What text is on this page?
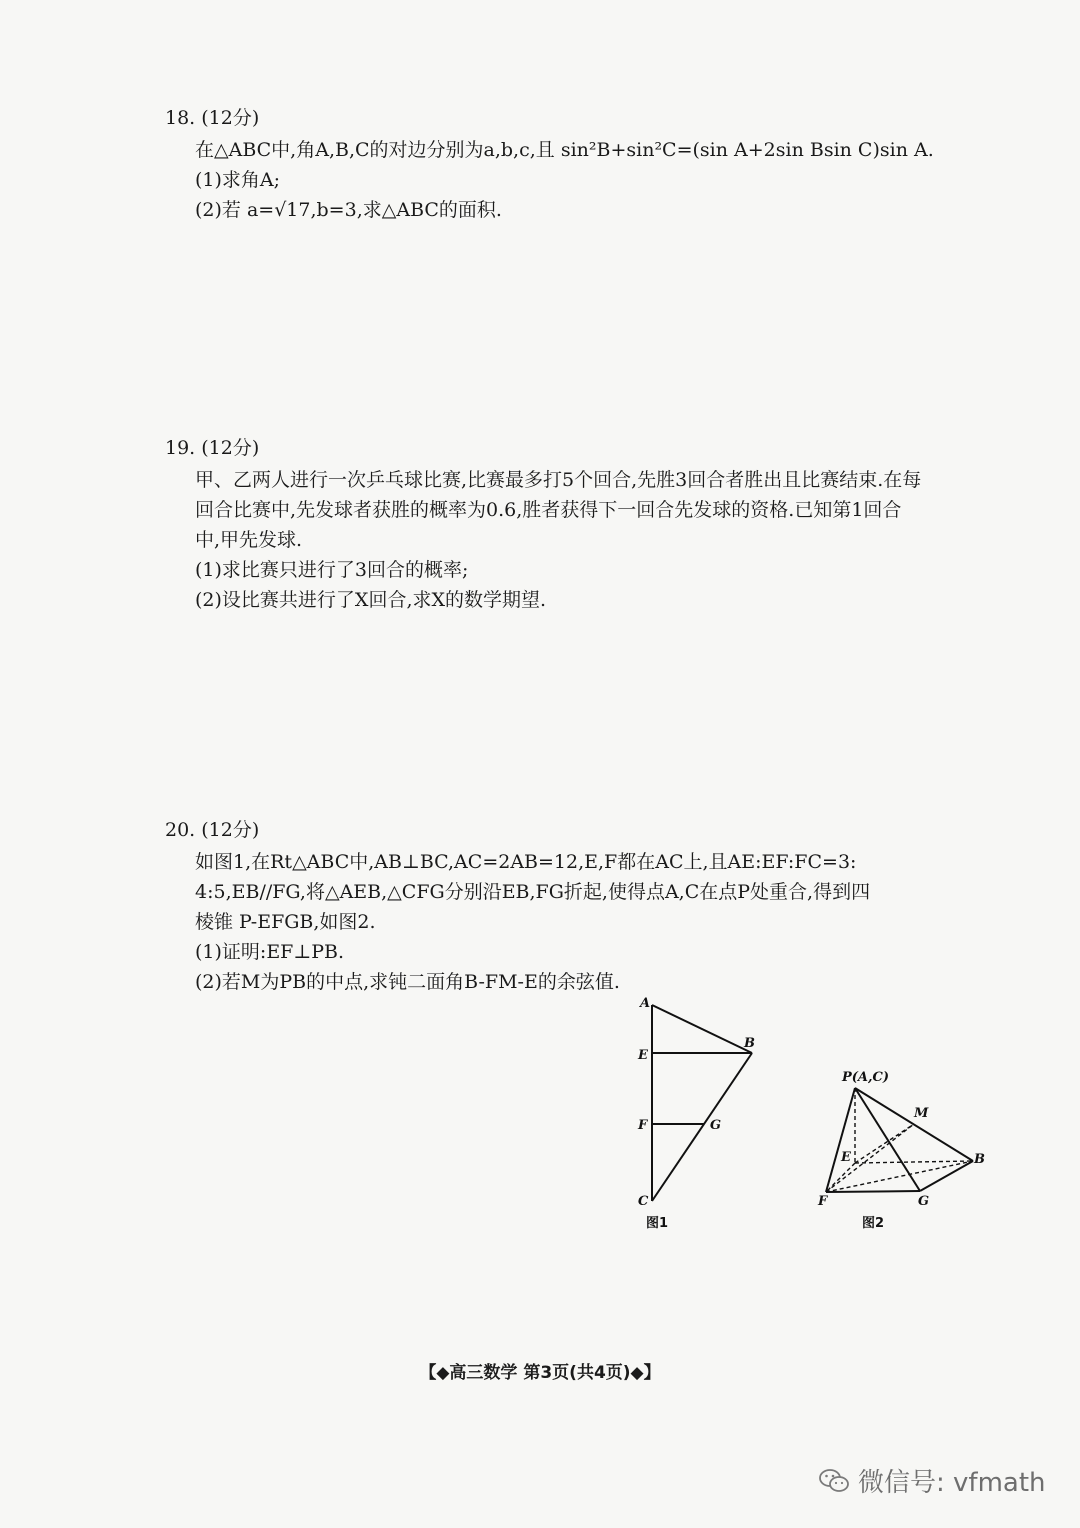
18. (12分)
在△ABC中,角A,B,C的对边分别为a,b,c,且 sin²B+sin²C=(sin A+2sin Bsin C)sin A.
(1)求角A;
(2)若 a=√17,b=3,求△ABC的面积.
19. (12分)
甲、乙两人进行一次乒乓球比赛,比赛最多打5个回合,先胜3回合者胜出且比赛结束.在每
回合比赛中,先发球者获胜的概率为0.6,胜者获得下一回合先发球的资格.已知第1回合
中,甲先发球.
(1)求比赛只进行了3回合的概率;
(2)设比赛共进行了X回合,求X的数学期望.
20. (12分)
如图1,在Rt△ABC中,AB⊥BC,AC=2AB=12,E,F都在AC上,且AE:EF:FC=3:
4:5,EB//FG,将△AEB,△CFG分别沿EB,FG折起,使得点A,C在点P处重合,得到四
棱锥 P-EFGB,如图2.
(1)证明:EF⊥PB.
(2)若M为PB的中点,求钝二面角B-FM-E的余弦值.
A
E
B
F	G
C
图1
P(A,C)
M
E	B
F	G
图2
【◆高三数学 第3页(共4页)◆】
微信号: vfmath
